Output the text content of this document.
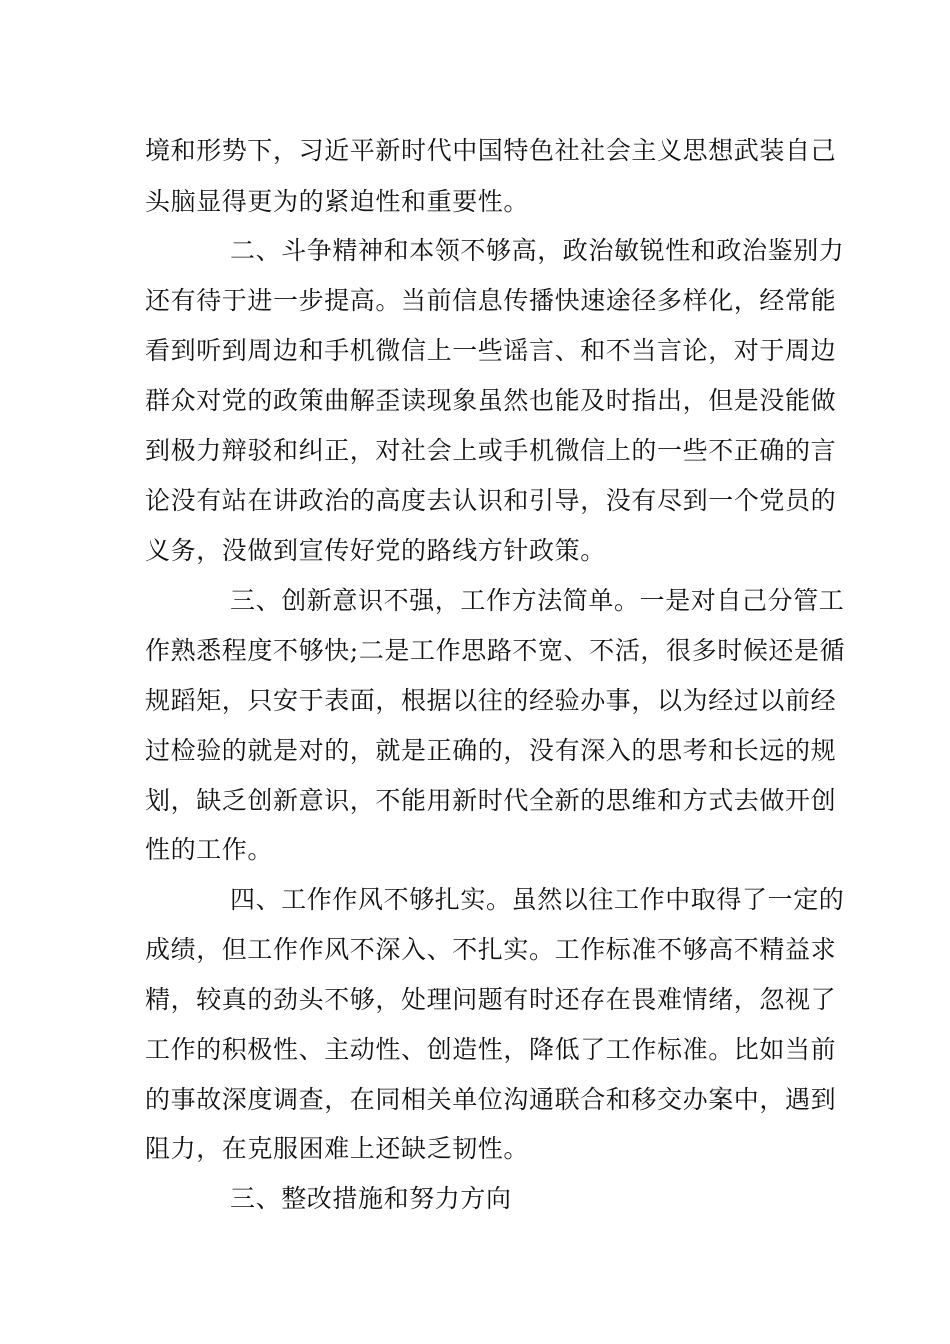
境和形势下，习近平新时代中国特色社社会主义思想武装自己
头脑显得更为的紧迫性和重要性。
二、斗争精神和本领不够高，政治敏锐性和政治鉴别力
还有待于进一步提高。当前信息传播快速途径多样化，经常能
看到听到周边和手机微信上一些谣言、和不当言论，对于周边
群众对党的政策曲解歪读现象虽然也能及时指出，但是没能做
到极力辩驳和纠正，对社会上或手机微信上的一些不正确的言
论没有站在讲政治的高度去认识和引导，没有尽到一个党员的
义务，没做到宣传好党的路线方针政策。
三、创新意识不强，工作方法简单。一是对自己分管工
作熟悉程度不够快;二是工作思路不宽、不活，很多时候还是循
规蹈矩，只安于表面，根据以往的经验办事，以为经过以前经
过检验的就是对的，就是正确的，没有深入的思考和长远的规
划，缺乏创新意识，不能用新时代全新的思维和方式去做开创
性的工作。
四、工作作风不够扎实。虽然以往工作中取得了一定的
成绩，但工作作风不深入、不扎实。工作标准不够高不精益求
精，较真的劲头不够，处理问题有时还存在畏难情绪，忽视了
工作的积极性、主动性、创造性，降低了工作标准。比如当前
的事故深度调查，在同相关单位沟通联合和移交办案中，遇到
阻力，在克服困难上还缺乏韧性。
三、整改措施和努力方向
